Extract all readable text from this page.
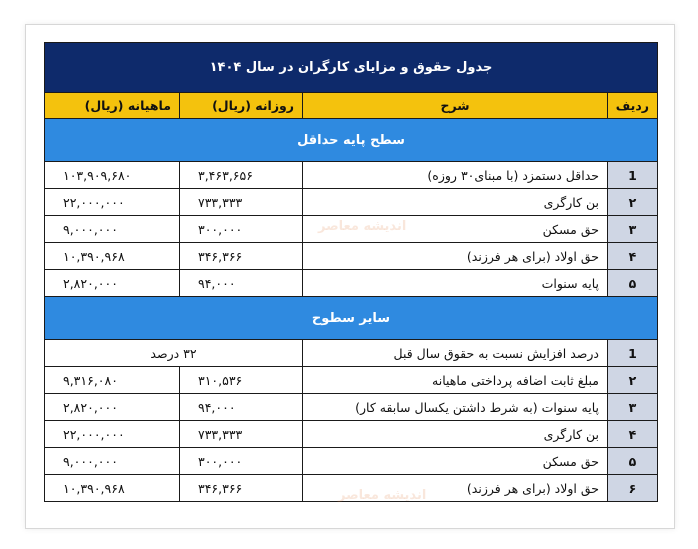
جدول حقوق و مزایای کارگران در سال ۱۴۰۴			
ردیف	شرح	روزانه (ریال)	ماهیانه (ریال)
سطح پایه حداقل			
1	حداقل دستمزد (با مبنای۳۰ روزه)	۳,۴۶۳,۶۵۶	۱۰۳,۹۰۹,۶۸۰
۲	بن کارگری	۷۳۳,۳۳۳	۲۲,۰۰۰,۰۰۰
۳	حق مسکن	۳۰۰,۰۰۰	۹,۰۰۰,۰۰۰
۴	حق اولاد (برای هر فرزند)	۳۴۶,۳۶۶	۱۰,۳۹۰,۹۶۸
۵	پایه سنوات	۹۴,۰۰۰	۲,۸۲۰,۰۰۰
سایر سطوح			
1	درصد افزایش نسبت به حقوق سال قبل	۳۲ درصد	
۲	مبلغ ثابت اضافه پرداختی ماهیانه	۳۱۰,۵۳۶	۹,۳۱۶,۰۸۰
۳	پایه سنوات (به شرط داشتن یکسال سابقه کار)	۹۴,۰۰۰	۲,۸۲۰,۰۰۰
۴	بن کارگری	۷۳۳,۳۳۳	۲۲,۰۰۰,۰۰۰
۵	حق مسکن	۳۰۰,۰۰۰	۹,۰۰۰,۰۰۰
۶	حق اولاد (برای هر فرزند)	۳۴۶,۳۶۶	۱۰,۳۹۰,۹۶۸
اندیشه معاصر
اندیشه معاصر
